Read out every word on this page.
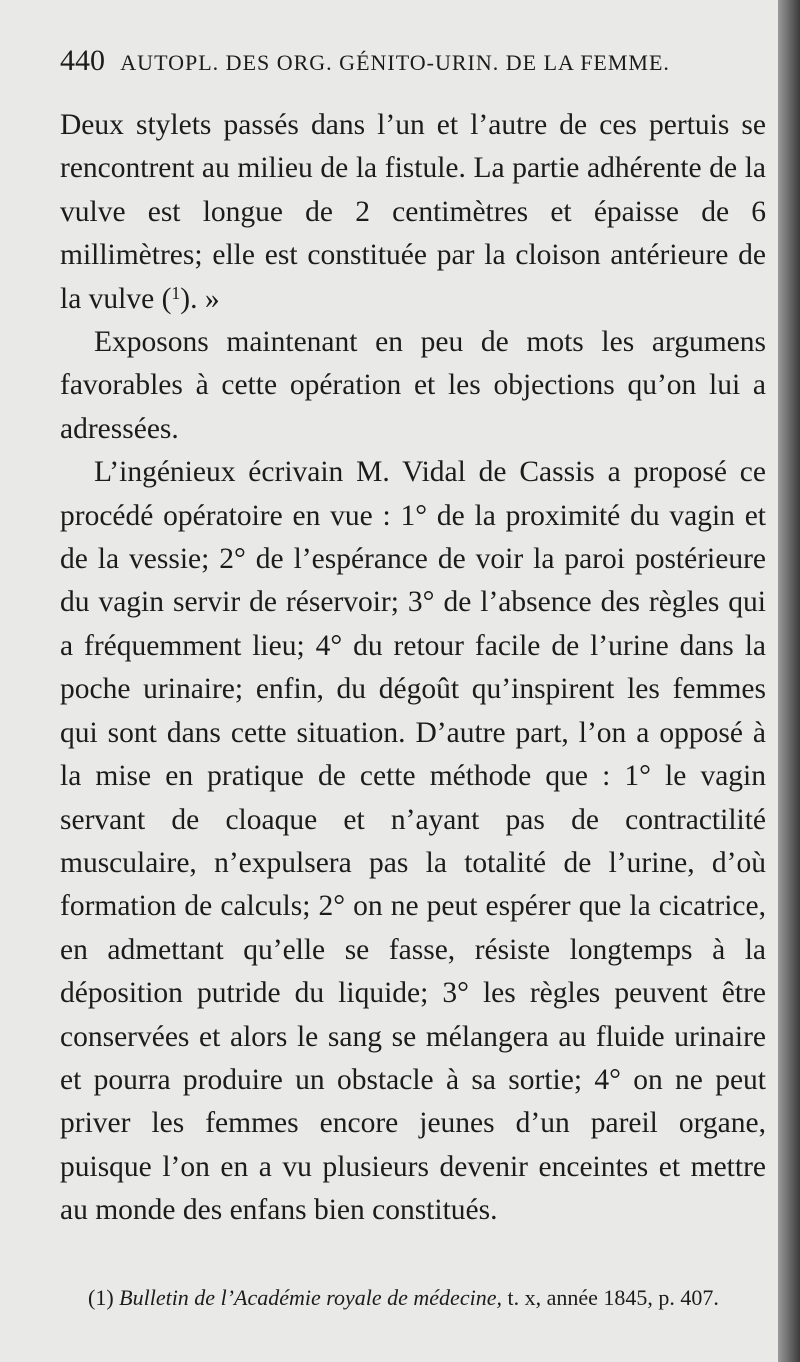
440 AUTOPL. DES ORG. GÉNITO-URIN. DE LA FEMME.

Deux stylets passés dans l’un et l’autre de ces pertuis se rencontrent au milieu de la fistule. La partie adhérente de la vulve est longue de 2 centimètres et épaisse de 6 millimètres; elle est constituée par la cloison antérieure de la vulve ($^1$). »

Exposons maintenant en peu de mots les argumens favorables à cette opération et les objections qu’on lui a adressées.

L’ingénieux écrivain M. Vidal de Cassis a proposé ce procédé opératoire en vue : 1° de la proximité du vagin et de la vessie; 2° de l’espérance de voir la paroi postérieure du vagin servir de réservoir; 3° de l’absence des règles qui a fréquemment lieu; 4° du retour facile de l’urine dans la poche urinaire; enfin, du dégoût qu’inspirent les femmes qui sont dans cette situation. D’autre part, l’on a opposé à la mise en pratique de cette méthode que : 1° le vagin servant de cloaque et n’ayant pas de contractilité musculaire, n’expulsera pas la totalité de l’urine, d’où formation de calculs; 2° on ne peut espérer que la cicatrice, en admettant qu’elle se fasse, résiste longtemps à la déposition putride du liquide; 3° les règles peuvent être conservées et alors le sang se mélangera au fluide urinaire et pourra produire un obstacle à sa sortie; 4° on ne peut priver les femmes encore jeunes d’un pareil organe, puisque l’on en a vu plusieurs devenir enceintes et mettre au monde des enfans bien constitués.

(1) Bulletin de l’Académie royale de médecine, t. x, année 1845, p. 407.
